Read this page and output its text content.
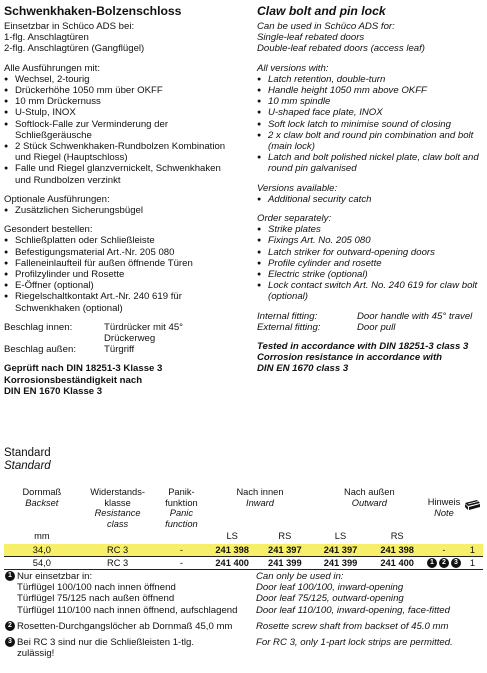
Schwenkhaken-Bolzenschloss

Einsetzbar in Schüco ADS bei:

1-flg. Anschlagtüren

2-flg. Anschlagtüren (Gangflügel)

Alle Ausführungen mit:

● Wechsel, 2-tourig
● Drückerhöhe 1050 mm über OKFF
● 10 mm Drückernuss
● U-Stulp, INOX
● Softlock-Falle zur Verminderung der Schließgeräusche
● 2 Stück Schwenkhaken-Rundbolzen Kombination und Riegel (Hauptschloss)
● Falle und Riegel glanzvernickelt, Schwenkhaken und Rundbolzen verzinkt

Optionale Ausführungen:

● Zusätzlichen Sicherungsbügel

Gesondert bestellen:

● Schließplatten oder Schließleiste
● Befestigungsmaterial Art.-Nr. 205 080
● Falleneinlaufteil für außen öffnende Türen
● Profilzylinder und Rosette
● E-Öffner (optional)
● Riegelschaltkontakt Art.-Nr. 240 619 für Schwenkhaken (optional)
Beschlag innen:	Türdrücker mit 45° Drückerweg
Beschlag außen:	Türgriff

Geprüft nach DIN 18251-3 Klasse 3

Korrosionsbeständigkeit nach

DIN EN 1670 Klasse 3

Claw bolt and pin lock

Can be used in Schüco ADS for:

Single-leaf rebated doors

Double-leaf rebated doors (access leaf)

All versions with:

● Latch retention, double-turn
● Handle height 1050 mm above OKFF
● 10 mm spindle
● U-shaped face plate, INOX
● Soft lock latch to minimise sound of closing
● 2 x claw bolt and round pin combination and bolt (main lock)
● Latch and bolt polished nickel plate, claw bolt and round pin galvanised

Versions available:

● Additional security catch

Order separately:

● Strike plates
● Fixings Art. No. 205 080
● Latch striker for outward-opening doors
● Profile cylinder and rosette
● Electric strike (optional)
● Lock contact switch Art. No. 240 619 for claw bolt (optional)
Internal fitting:	Door handle with 45° travel
External fitting:	Door pull

Tested in accordance with DIN 18251-3 class 3

Corrosion resistance in accordance with

DIN EN 1670 class 3

Standard
Standard
Dornmaß
Backset	Widerstands-
klasse
Resistance
class	Panik-
funktion
Panic
function	Nach innen
Inward		Nach außen
Outward		Hinweis
Note

mm			LS	RS	LS	RS		
34,0	RC 3	-	241 398	241 397	241 397	241 398	-	1
54,0	RC 3	-	241 400	241 399	241 399	241 400	1 2 3	1
1 Nur einsetzbar in:
Türflügel 100/100 nach innen öffnend
Türflügel 75/125 nach außen öffnend
Türflügel 110/100 nach innen öffnend, aufschlagend
Can only be used in:
Door leaf 100/100, inward-opening
Door leaf 75/125, outward-opening
Door leaf 110/100, inward-opening, face-fitted
2 Rosetten-Durchgangslöcher ab Dornmaß 45,0 mm Rosette screw shaft from backset of 45.0 mm
3 Bei RC 3 sind nur die Schließleisten 1-tlg.
zulässig!
For RC 3, only 1-part lock strips are permitted.
